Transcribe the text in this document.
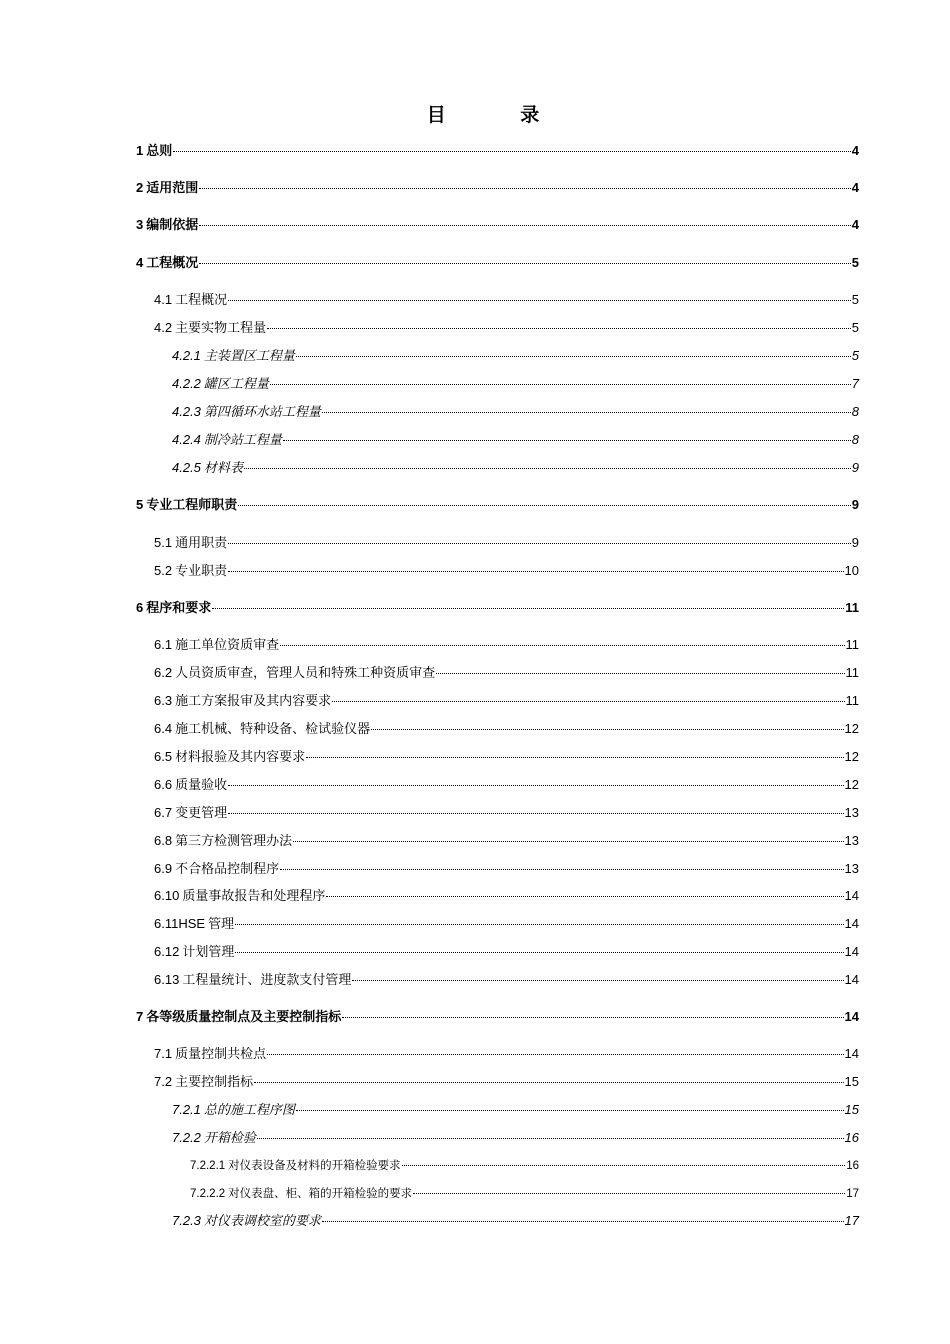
目 录
1 总则	4
2 适用范围	4
3 编制依据	4
4 工程概况	5
4.1 工程概况	5
4.2 主要实物工程量	5
4.2.1 主装置区工程量	5
4.2.2 罐区工程量	7
4.2.3 第四循环水站工程量	8
4.2.4 制冷站工程量	8
4.2.5 材料表	9
5 专业工程师职责	9
5.1 通用职责	9
5.2 专业职责	10
6 程序和要求	11
6.1 施工单位资质审查	11
6.2 人员资质审查，管理人员和特殊工种资质审查	11
6.3 施工方案报审及其内容要求	11
6.4 施工机械、特种设备、检试验仪器	12
6.5 材料报验及其内容要求	12
6.6 质量验收	12
6.7 变更管理	13
6.8 第三方检测管理办法	13
6.9 不合格品控制程序	13
6.10 质量事故报告和处理程序	14
6.11HSE 管理	14
6.12 计划管理	14
6.13 工程量统计、进度款支付管理	14
7 各等级质量控制点及主要控制指标	14
7.1 质量控制共检点	14
7.2 主要控制指标	15
7.2.1 总的施工程序图	15
7.2.2 开箱检验	16
7.2.2.1 对仪表设备及材料的开箱检验要求	16
7.2.2.2 对仪表盘、柜、箱的开箱检验的要求	17
7.2.3 对仪表调校室的要求	17
